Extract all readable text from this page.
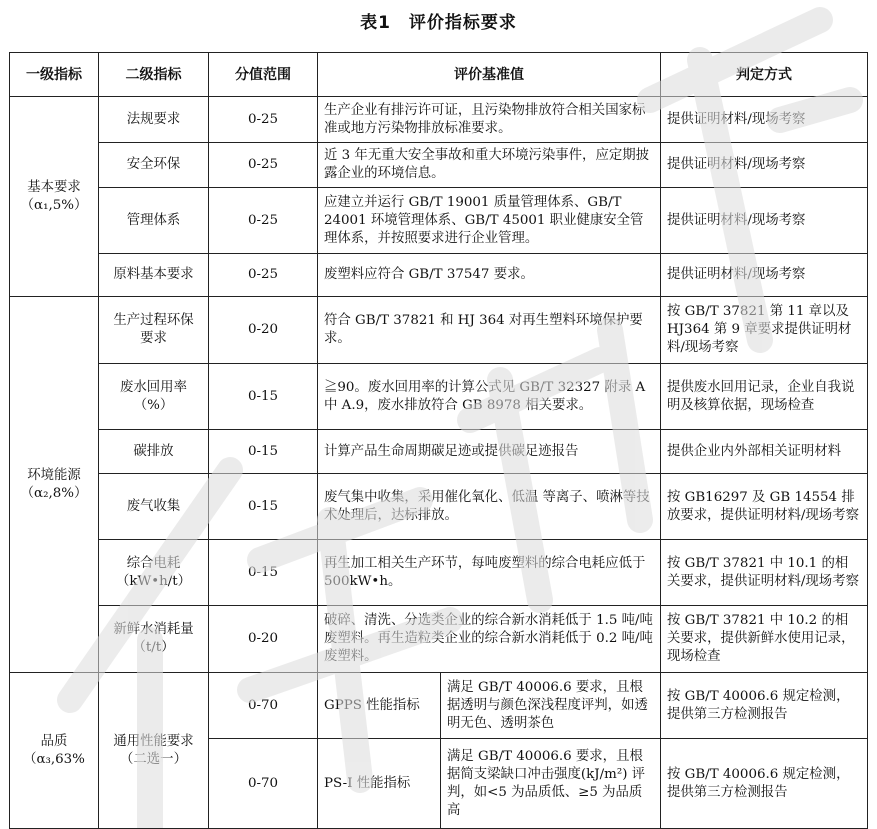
表1　评价指标要求
一级指标	二级指标	分值范围	评价基准值		判定方式

基本要求
（α₁,5%）	法规要求	0-25	生产企业有排污许可证，且污染物排放符合相关国家标准或地方污染物排放标准要求。		提供证明材料/现场考察
	安全环保	0-25	近 3 年无重大安全事故和重大环境污染事件，应定期披露企业的环境信息。		提供证明材料/现场考察
	管理体系	0-25	应建立并运行 GB/T 19001 质量管理体系、GB/T 24001 环境管理体系、GB/T 45001 职业健康安全管理体系，并按照要求进行企业管理。		提供证明材料/现场考察
	原料基本要求	0-25	废塑料应符合 GB/T 37547 要求。		提供证明材料/现场考察

环境能源
（α₂,8%）	生产过程环保要求	0-20	符合 GB/T 37821 和 HJ 364 对再生塑料环境保护要求。		按 GB/T 37821 第 11 章以及 HJ364 第 9 章要求提供证明材料/现场考察
	废水回用率（%）	0-15	≧90。废水回用率的计算公式见 GB/T 32327 附录 A 中 A.9，废水排放符合 GB 8978 相关要求。		提供废水回用记录，企业自我说明及核算依据，现场检查
	碳排放	0-15	计算产品生命周期碳足迹或提供碳足迹报告		提供企业内外部相关证明材料
	废气收集	0-15	废气集中收集，采用催化氧化、低温 等离子、喷淋等技术处理后，达标排放。		按 GB16297 及 GB 14554 排放要求，提供证明材料/现场考察
	综合电耗（kW•h/t）	0-15	再生加工相关生产环节，每吨废塑料的综合电耗应低于 500kW•h。		按 GB/T 37821 中 10.1 的相关要求，提供证明材料/现场考察
	新鲜水消耗量（t/t）	0-20	破碎、清洗、分选类企业的综合新水消耗低于 1.5 吨/吨废塑料。再生造粒类企业的综合新水消耗低于 0.2 吨/吨废塑料。		按 GB/T 37821 中 10.2 的相关要求，提供新鲜水使用记录，现场检查

品质
（α₃,63%	通用性能要求（二选一）	0-70	GPPS 性能指标	满足 GB/T 40006.6 要求，且根据透明与颜色深浅程度评判，如透明无色、透明茶色	按 GB/T 40006.6 规定检测，提供第三方检测报告
		0-70	PS-I 性能指标	满足 GB/T 40006.6 要求，且根据简支梁缺口冲击强度(kJ/m²) 评判，如<5 为品质低、≥5 为品质高	按 GB/T 40006.6 规定检测，提供第三方检测报告
